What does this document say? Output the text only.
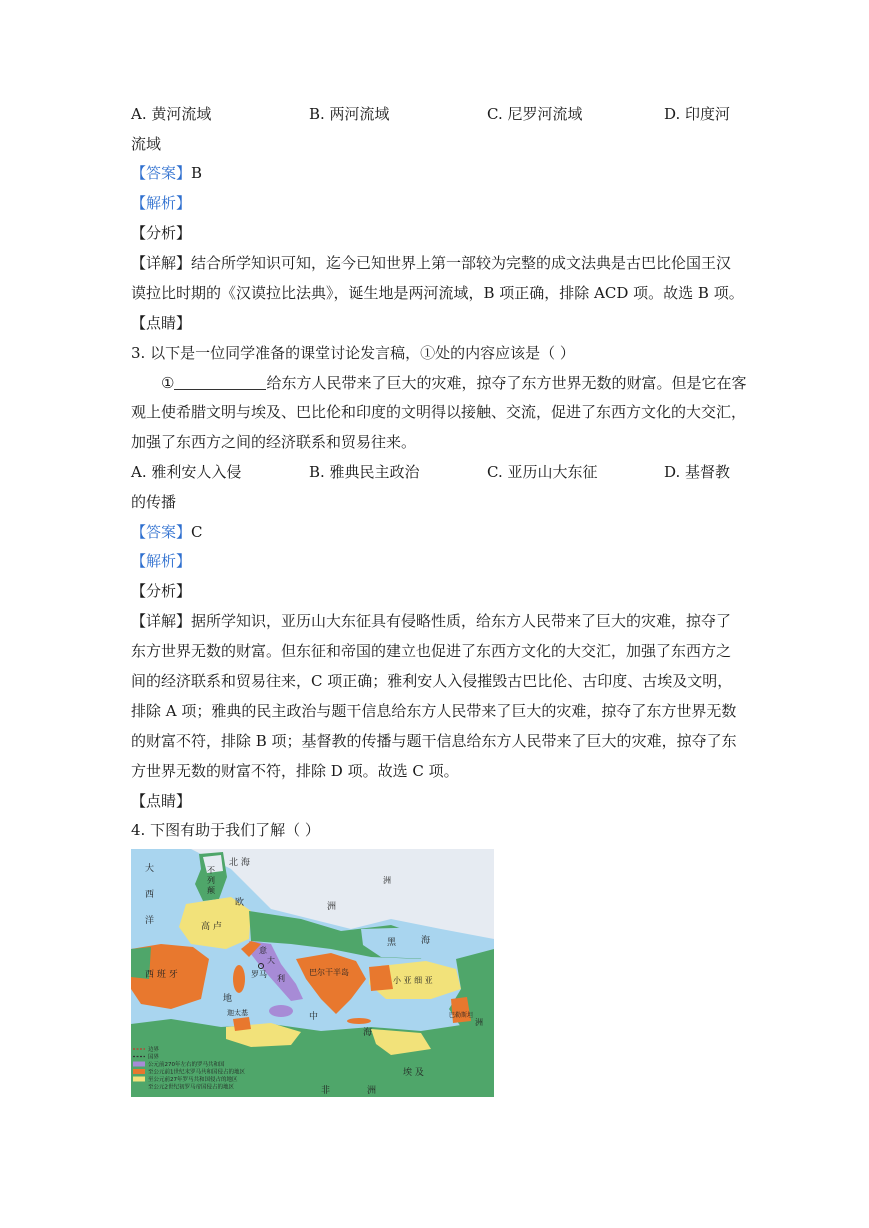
A. 黄河流域	B. 两河流域	C. 尼罗河流域	D. 印度河
流域
【答案】B
【解析】
【分析】
【详解】结合所学知识可知，迄今已知世界上第一部较为完整的成文法典是古巴比伦国王汉
谟拉比时期的《汉谟拉比法典》，诞生地是两河流域，B 项正确，排除 ACD 项。故选 B 项。
【点睛】
3. 以下是一位同学准备的课堂讨论发言稿，①处的内容应该是（ ）
①	给东方人民带来了巨大的灾难，掠夺了东方世界无数的财富。但是它在客
观上使希腊文明与埃及、巴比伦和印度的文明得以接触、交流，促进了东西方文化的大交汇，
加强了东西方之间的经济联系和贸易往来。
A. 雅利安人入侵	B. 雅典民主政治	C. 亚历山大东征	D. 基督教
的传播
【答案】C
【解析】
【分析】
【详解】据所学知识，亚历山大东征具有侵略性质，给东方人民带来了巨大的灾难，掠夺了
东方世界无数的财富。但东征和帝国的建立也促进了东西方文化的大交汇，加强了东西方之
间的经济联系和贸易往来，C 项正确；雅利安人入侵摧毁古巴比伦、古印度、古埃及文明，
排除 A 项；雅典的民主政治与题干信息给东方人民带来了巨大的灾难，掠夺了东方世界无数
的财富不符，排除 B 项；基督教的传播与题干信息给东方人民带来了巨大的灾难，掠夺了东
方世界无数的财富不符，排除 D 项。故选 C 项。
【点睛】
4. 下图有助于我们了解（ ）
大
西
洋
北 海
不
列
颠
欧	洲
高 卢
西 班 牙
意
大
利
罗马	巴尔干半岛
迦太基
黑	海
小 亚 细 亚
地
中
海
埃 及
非	洲
洲
洲
巴勒斯坦
边界
国界
公元前270年左右的罗马共和国
至公元前1世纪末罗马共和国侵占的地区
至公元前27年罗马共和国侵占的地区
至公元2世纪初罗马帝国侵占的地区
